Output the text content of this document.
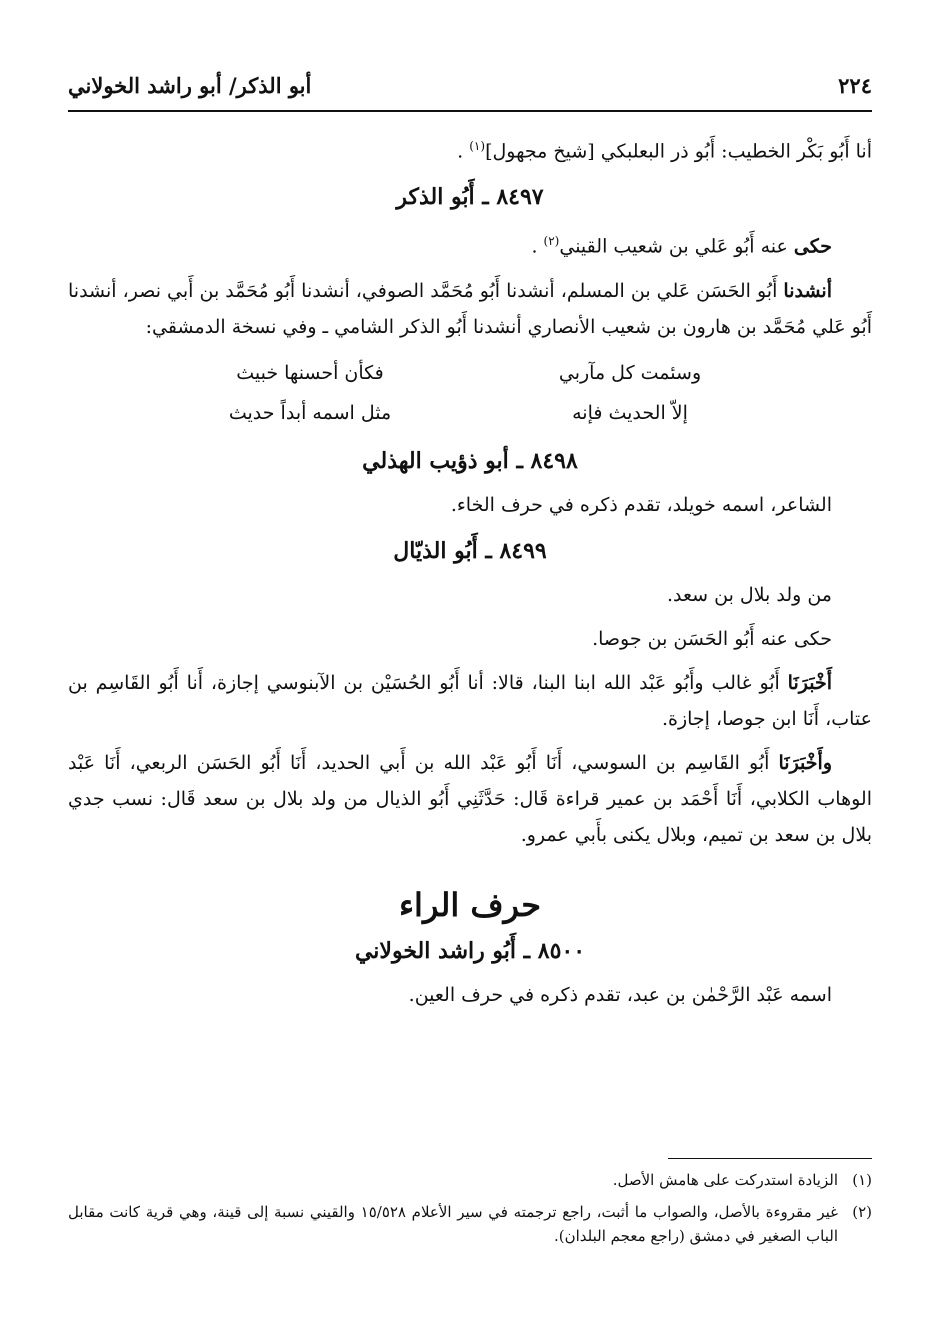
٢٢٤
أبو الذكر/ أبو راشد الخولاني

أنا أَبُو بَكْر الخطيب: أَبُو ذر البعلبكي [شيخ مجهول]$^{(١)}$ .

٨٤٩٧ ـ أَبُو الذكر

حكى عنه أَبُو عَلي بن شعيب القيني$^{(٢)}$ .

أنشدنا أَبُو الحَسَن عَلي بن المسلم، أنشدنا أَبُو مُحَمَّد الصوفي، أنشدنا أَبُو مُحَمَّد بن أَبي نصر، أنشدنا أَبُو عَلي مُحَمَّد بن هارون بن شعيب الأنصاري أنشدنا أَبُو الذكر الشامي ـ وفي نسخة الدمشقي:

وسئمت كل مآربي
فكأن أحسنها خبيث
إلاّ الحديث فإنه
مثل اسمه أبداً حديث
٨٤٩٨ ـ أبو ذؤيب الهذلي

الشاعر، اسمه خويلد، تقدم ذكره في حرف الخاء.

٨٤٩٩ ـ أَبُو الذيّال

من ولد بلال بن سعد.

حكى عنه أَبُو الحَسَن بن جوصا.

أَخْبَرَنَا أَبُو غالب وأَبُو عَبْد الله ابنا البنا، قالا: أنا أَبُو الحُسَيْن بن الآبنوسي إجازة، أَنا أَبُو القَاسِم بن عتاب، أَنَا ابن جوصا، إجازة.

وأَخْبَرَنَا أَبُو القَاسِم بن السوسي، أَنَا أَبُو عَبْد الله بن أَبي الحديد، أَنَا أَبُو الحَسَن الربعي، أَنَا عَبْد الوهاب الكلابي، أَنَا أَحْمَد بن عمير قراءة قَال: حَدَّثَنِي أَبُو الذيال من ولد بلال بن سعد قَال: نسب جدي بلال بن سعد بن تميم، وبلال يكنى بأَبي عمرو.

حرف الراء
٨٥٠٠ ـ أَبُو راشد الخولاني

اسمه عَبْد الرَّحْمٰن بن عبد، تقدم ذكره في حرف العين.

(١)
الزيادة استدركت على هامش الأصل.
(٢)
غير مقروءة بالأصل، والصواب ما أثبت، راجع ترجمته في سير الأعلام ١٥/٥٢٨ والقيني نسبة إلى قينة، وهي قرية كانت مقابل الباب الصغير في دمشق (راجع معجم البلدان).
